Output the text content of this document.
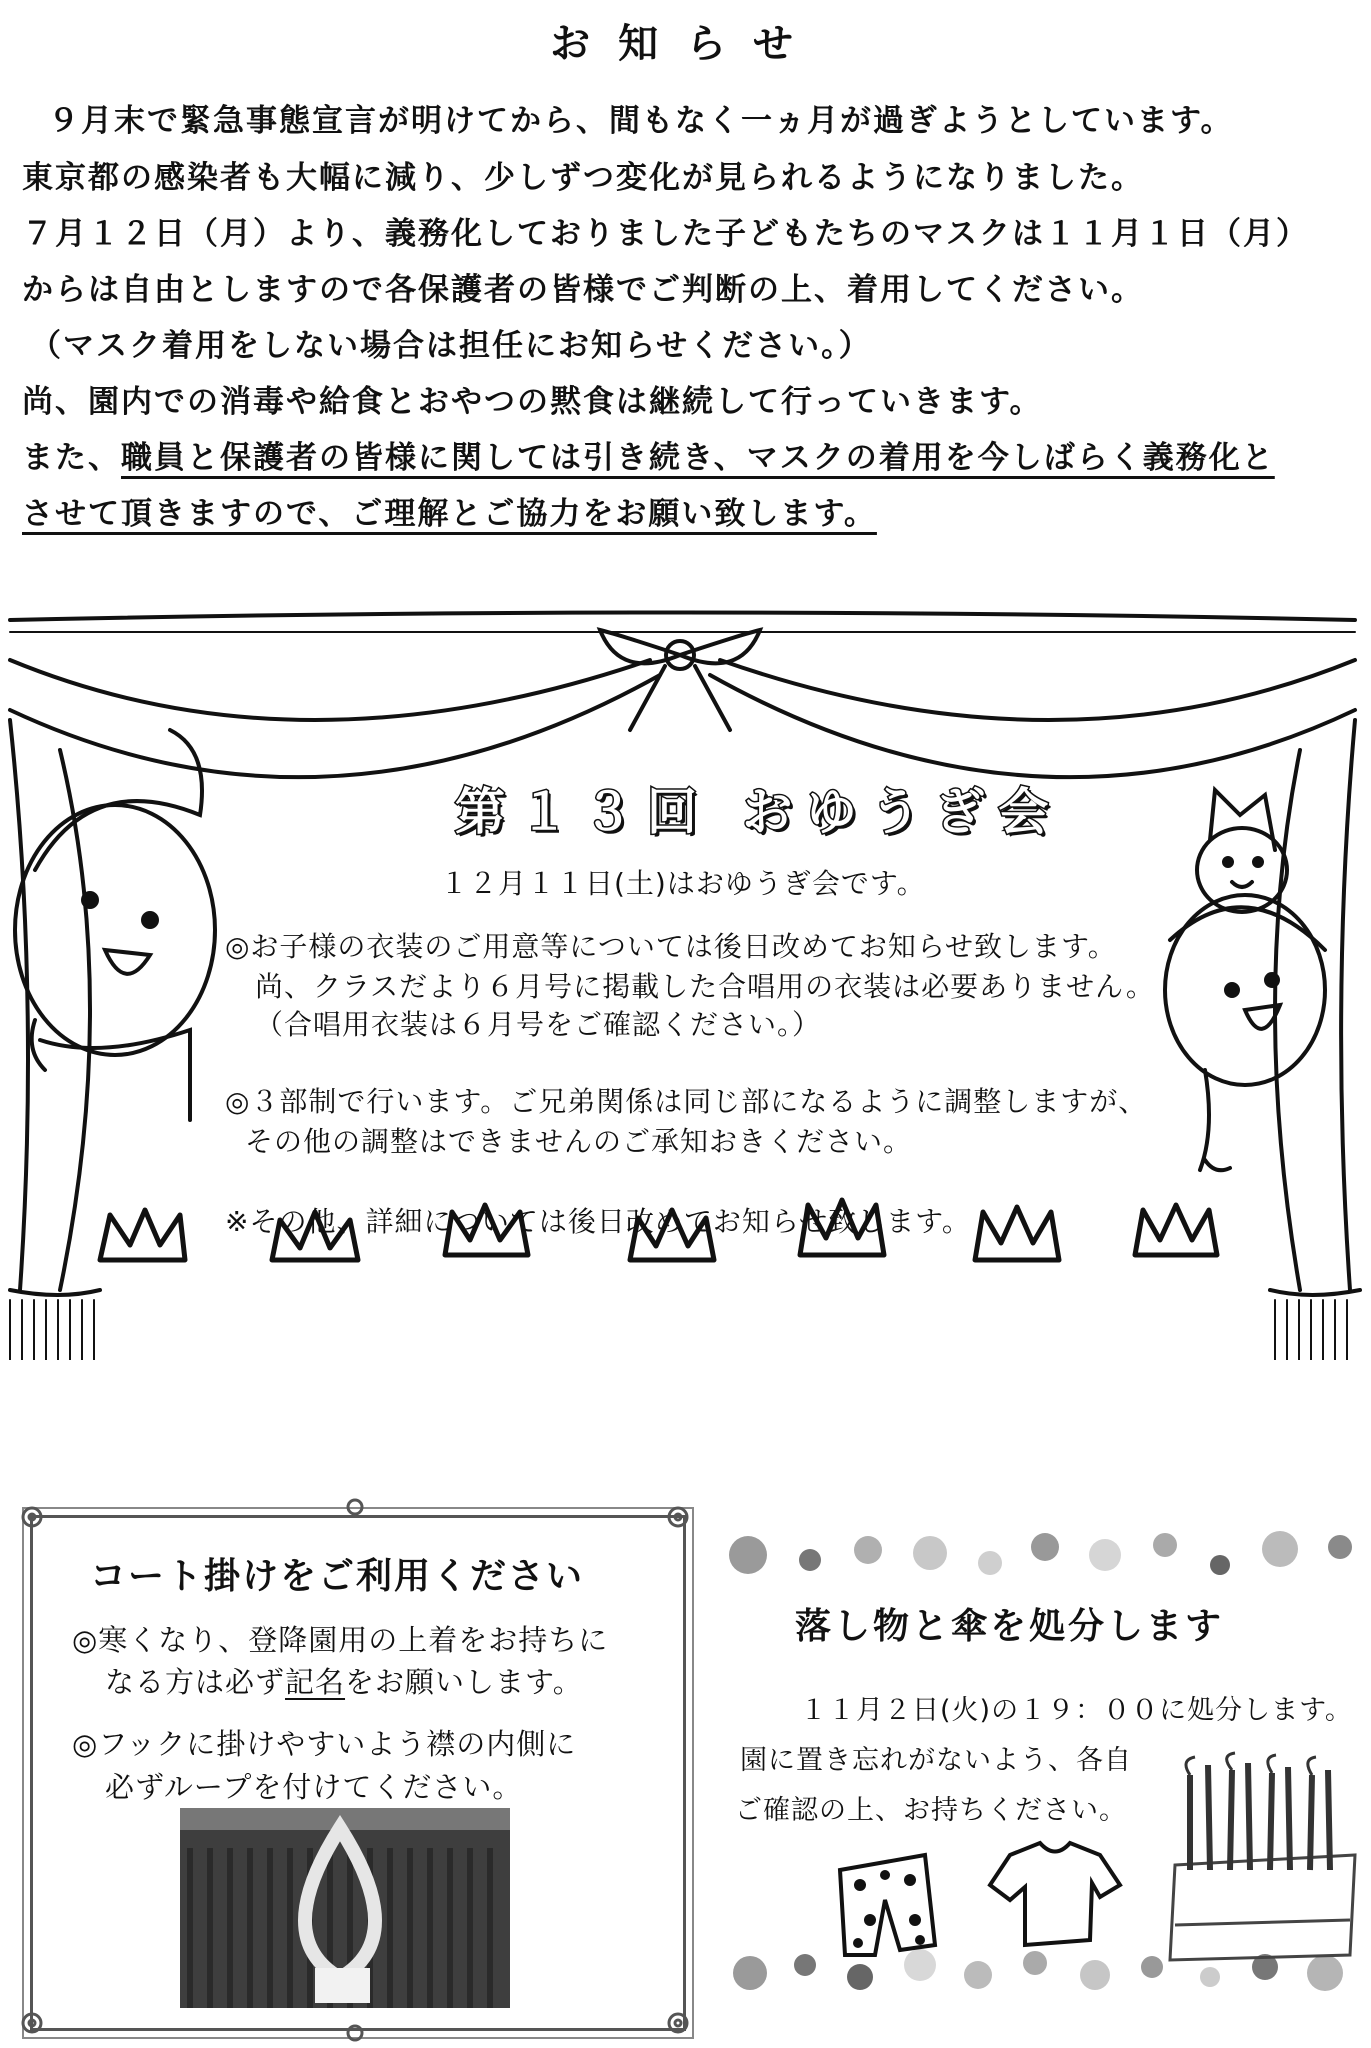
お知らせ
９月末で緊急事態宣言が明けてから、間もなく一ヵ月が過ぎようとしています。
東京都の感染者も大幅に減り、少しずつ変化が見られるようになりました。
７月１２日（月）より、義務化しておりました子どもたちのマスクは１１月１日（月）
からは自由としますので各保護者の皆様でご判断の上、着用してください。
（マスク着用をしない場合は担任にお知らせください。）
尚、園内での消毒や給食とおやつの黙食は継続して行っていきます。
また、職員と保護者の皆様に関しては引き続き、マスクの着用を今しばらく義務化と
させて頂きますので、ご理解とご協力をお願い致します。
第１３回 おゆうぎ会
１２月１１日(土)はおゆうぎ会です。
◎お子様の衣装のご用意等については後日改めてお知らせ致します。
尚、クラスだより６月号に掲載した合唱用の衣装は必要ありません。
（合唱用衣装は６月号をご確認ください。）
◎３部制で行います。ご兄弟関係は同じ部になるように調整しますが、
その他の調整はできませんのご承知おきください。
※その他、詳細については後日改めてお知らせ致します。
コート掛けをご利用ください
◎寒くなり、登降園用の上着をお持ちに
なる方は必ず記名をお願いします。
◎フックに掛けやすいよう襟の内側に
必ずループを付けてください。
落し物と傘を処分します
１１月２日(火)の１９：００に処分します。
園に置き忘れがないよう、各自
ご確認の上、お持ちください。
